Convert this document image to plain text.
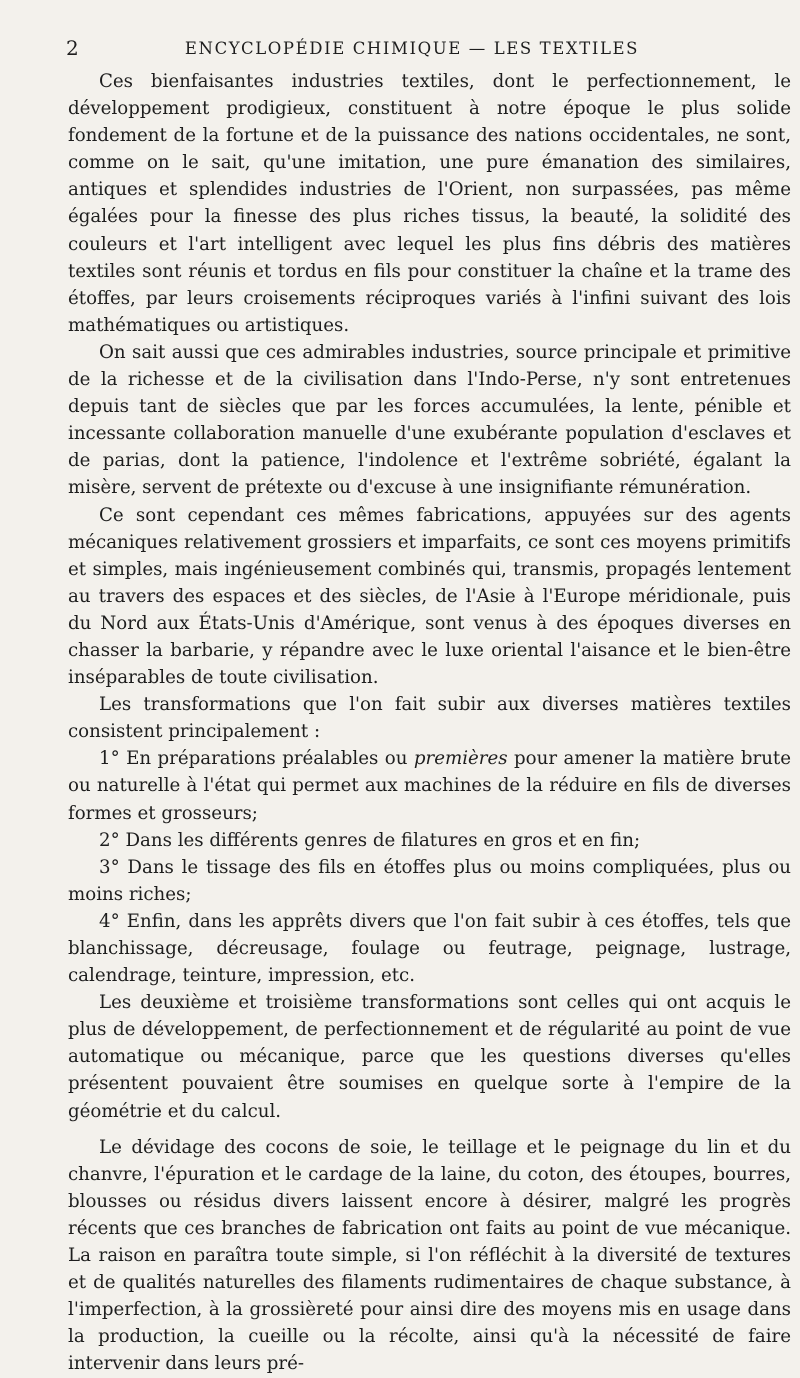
2	ENCYCLOPÉDIE CHIMIQUE — LES TEXTILES

Ces bienfaisantes industries textiles, dont le perfectionnement, le développement prodigieux, constituent à notre époque le plus solide fondement de la fortune et de la puissance des nations occidentales, ne sont, comme on le sait, qu'une imitation, une pure émanation des similaires, antiques et splendides industries de l'Orient, non surpassées, pas même égalées pour la finesse des plus riches tissus, la beauté, la solidité des couleurs et l'art intelligent avec lequel les plus fins débris des matières textiles sont réunis et tordus en fils pour constituer la chaîne et la trame des étoffes, par leurs croisements réciproques variés à l'infini suivant des lois mathématiques ou artistiques.

On sait aussi que ces admirables industries, source principale et primitive de la richesse et de la civilisation dans l'Indo-Perse, n'y sont entretenues depuis tant de siècles que par les forces accumulées, la lente, pénible et incessante collaboration manuelle d'une exubérante population d'esclaves et de parias, dont la patience, l'indolence et l'extrême sobriété, égalant la misère, servent de prétexte ou d'excuse à une insignifiante rémunération.

Ce sont cependant ces mêmes fabrications, appuyées sur des agents mécaniques relativement grossiers et imparfaits, ce sont ces moyens primitifs et simples, mais ingénieusement combinés qui, transmis, propagés lentement au travers des espaces et des siècles, de l'Asie à l'Europe méridionale, puis du Nord aux États-Unis d'Amérique, sont venus à des époques diverses en chasser la barbarie, y répandre avec le luxe oriental l'aisance et le bien-être inséparables de toute civilisation.

Les transformations que l'on fait subir aux diverses matières textiles consistent principalement :

1° En préparations préalables ou premières pour amener la matière brute ou naturelle à l'état qui permet aux machines de la réduire en fils de diverses formes et grosseurs;

2° Dans les différents genres de filatures en gros et en fin;

3° Dans le tissage des fils en étoffes plus ou moins compliquées, plus ou moins riches;

4° Enfin, dans les apprêts divers que l'on fait subir à ces étoffes, tels que blanchissage, décreusage, foulage ou feutrage, peignage, lustrage, calendrage, teinture, impression, etc.

Les deuxième et troisième transformations sont celles qui ont acquis le plus de développement, de perfectionnement et de régularité au point de vue automatique ou mécanique, parce que les questions diverses qu'elles présentent pouvaient être soumises en quelque sorte à l'empire de la géométrie et du calcul.

Le dévidage des cocons de soie, le teillage et le peignage du lin et du chanvre, l'épuration et le cardage de la laine, du coton, des étoupes, bourres, blousses ou résidus divers laissent encore à désirer, malgré les progrès récents que ces branches de fabrication ont faits au point de vue mécanique. La raison en paraîtra toute simple, si l'on réfléchit à la diversité de textures et de qualités naturelles des filaments rudimentaires de chaque substance, à l'imperfection, à la grossièreté pour ainsi dire des moyens mis en usage dans la production, la cueille ou la récolte, ainsi qu'à la nécessité de faire intervenir dans leurs pré-
